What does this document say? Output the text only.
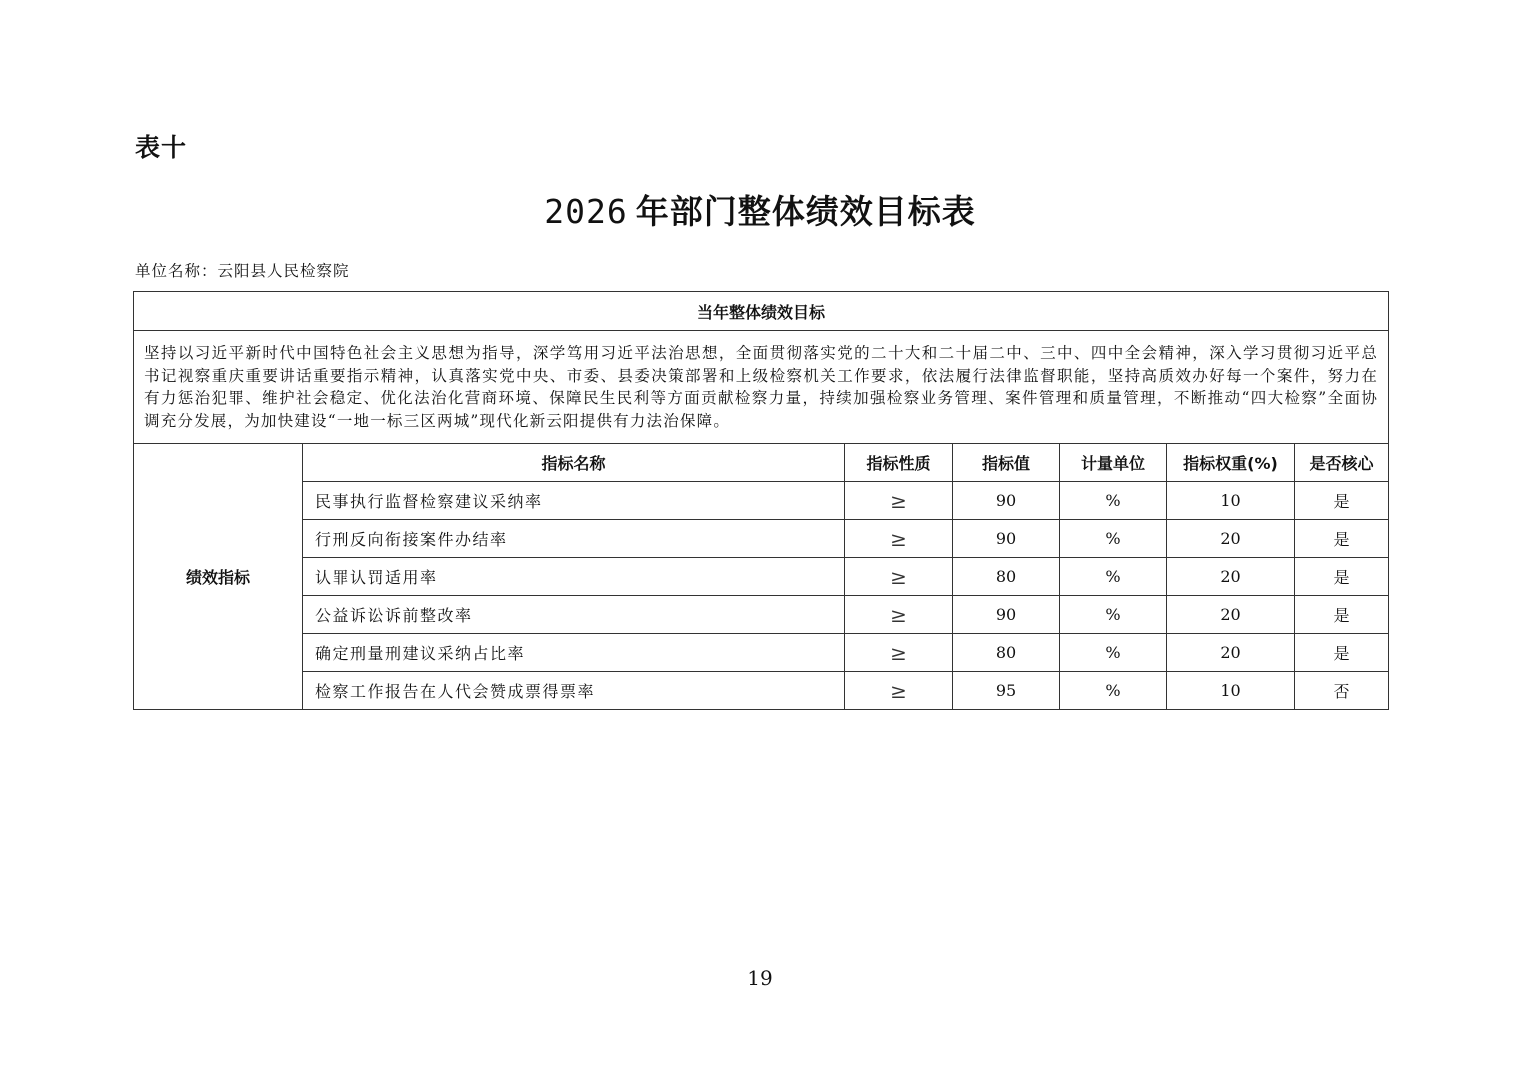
表十
2026 年部门整体绩效目标表
单位名称：云阳县人民检察院
当年整体绩效目标						
坚持以习近平新时代中国特色社会主义思想为指导，深学笃用习近平法治思想，全面贯彻落实党的二十大和二十届二中、三中、四中全会精神，深入学习贯彻习近平总书记视察重庆重要讲话重要指示精神，认真落实党中央、市委、县委决策部署和上级检察机关工作要求，依法履行法律监督职能，坚持高质效办好每一个案件，努力在有力惩治犯罪、维护社会稳定、优化法治化营商环境、保障民生民利等方面贡献检察力量，持续加强检察业务管理、案件管理和质量管理，不断推动“四大检察”全面协调充分发展，为加快建设“一地一标三区两城”现代化新云阳提供有力法治保障。						
绩效指标	指标名称	指标性质	指标值	计量单位	指标权重(%)	是否核心
	民事执行监督检察建议采纳率	≥	90	%	10	是
	行刑反向衔接案件办结率	≥	90	%	20	是
	认罪认罚适用率	≥	80	%	20	是
	公益诉讼诉前整改率	≥	90	%	20	是
	确定刑量刑建议采纳占比率	≥	80	%	20	是
	检察工作报告在人代会赞成票得票率	≥	95	%	10	否
19
